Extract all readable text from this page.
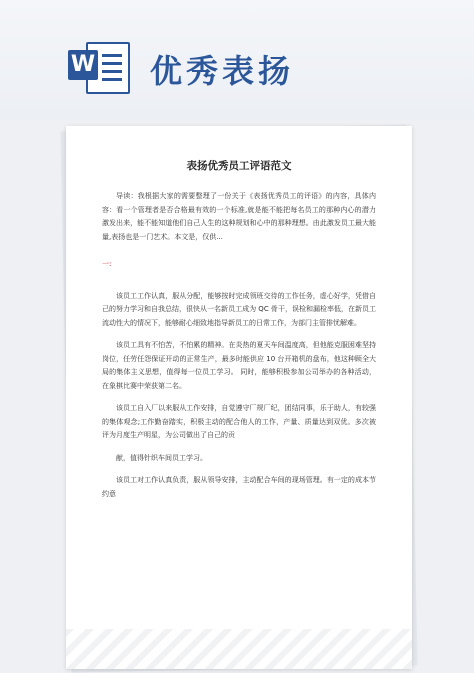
W 优秀表扬
表扬优秀员工评语范文

导读：我根据大家的需要整理了一份关于《表扬优秀员工的评语》的内容，具体内容：看一个管理者是否合格最有效的一个标准,就是能不能把每名员工的那种内心的潜力激发出来，能不能知道他们自己人生的这种规划和心中的那种理想。由此激发员工最大能量,表扬也是一门艺术。本文是，仅供...

一:

该员工工作认真，服从分配，能够按时完成领班交待的工作任务，虚心好学，凭借自己的努力学习和自我总结，很快从一名新员工成为 QC 骨干，误检和漏检率低，在新员工流动性大的情况下，能够耐心细致地指导新员工的日常工作，为部门主管排忧解难。

该员工具有不怕苦，不怕累的精神。在炎热的夏天车间温度高，但他能克服困难坚持岗位，任劳任怨保证开动的正常生产，最多时能供应 10 台开箱机的盘布，他这种顾全大局的集体主义思想，值得每一位员工学习。 同时，能够积极参加公司举办的各种活动，在象棋比赛中荣获第二名。

该员工自入厂以来服从工作安排，自觉遵守厂规厂纪，团结同事，乐于助人，有较强的集体观念;工作勤奋踏实，积极主动的配合他人的工作，产量、质量达到双优。多次被评为月度生产明星，为公司做出了自己的贡

献，值得针织车间员工学习。

该员工对工作认真负责，服从领导安排，主动配合车间的现场管理。有一定的成本节约意
